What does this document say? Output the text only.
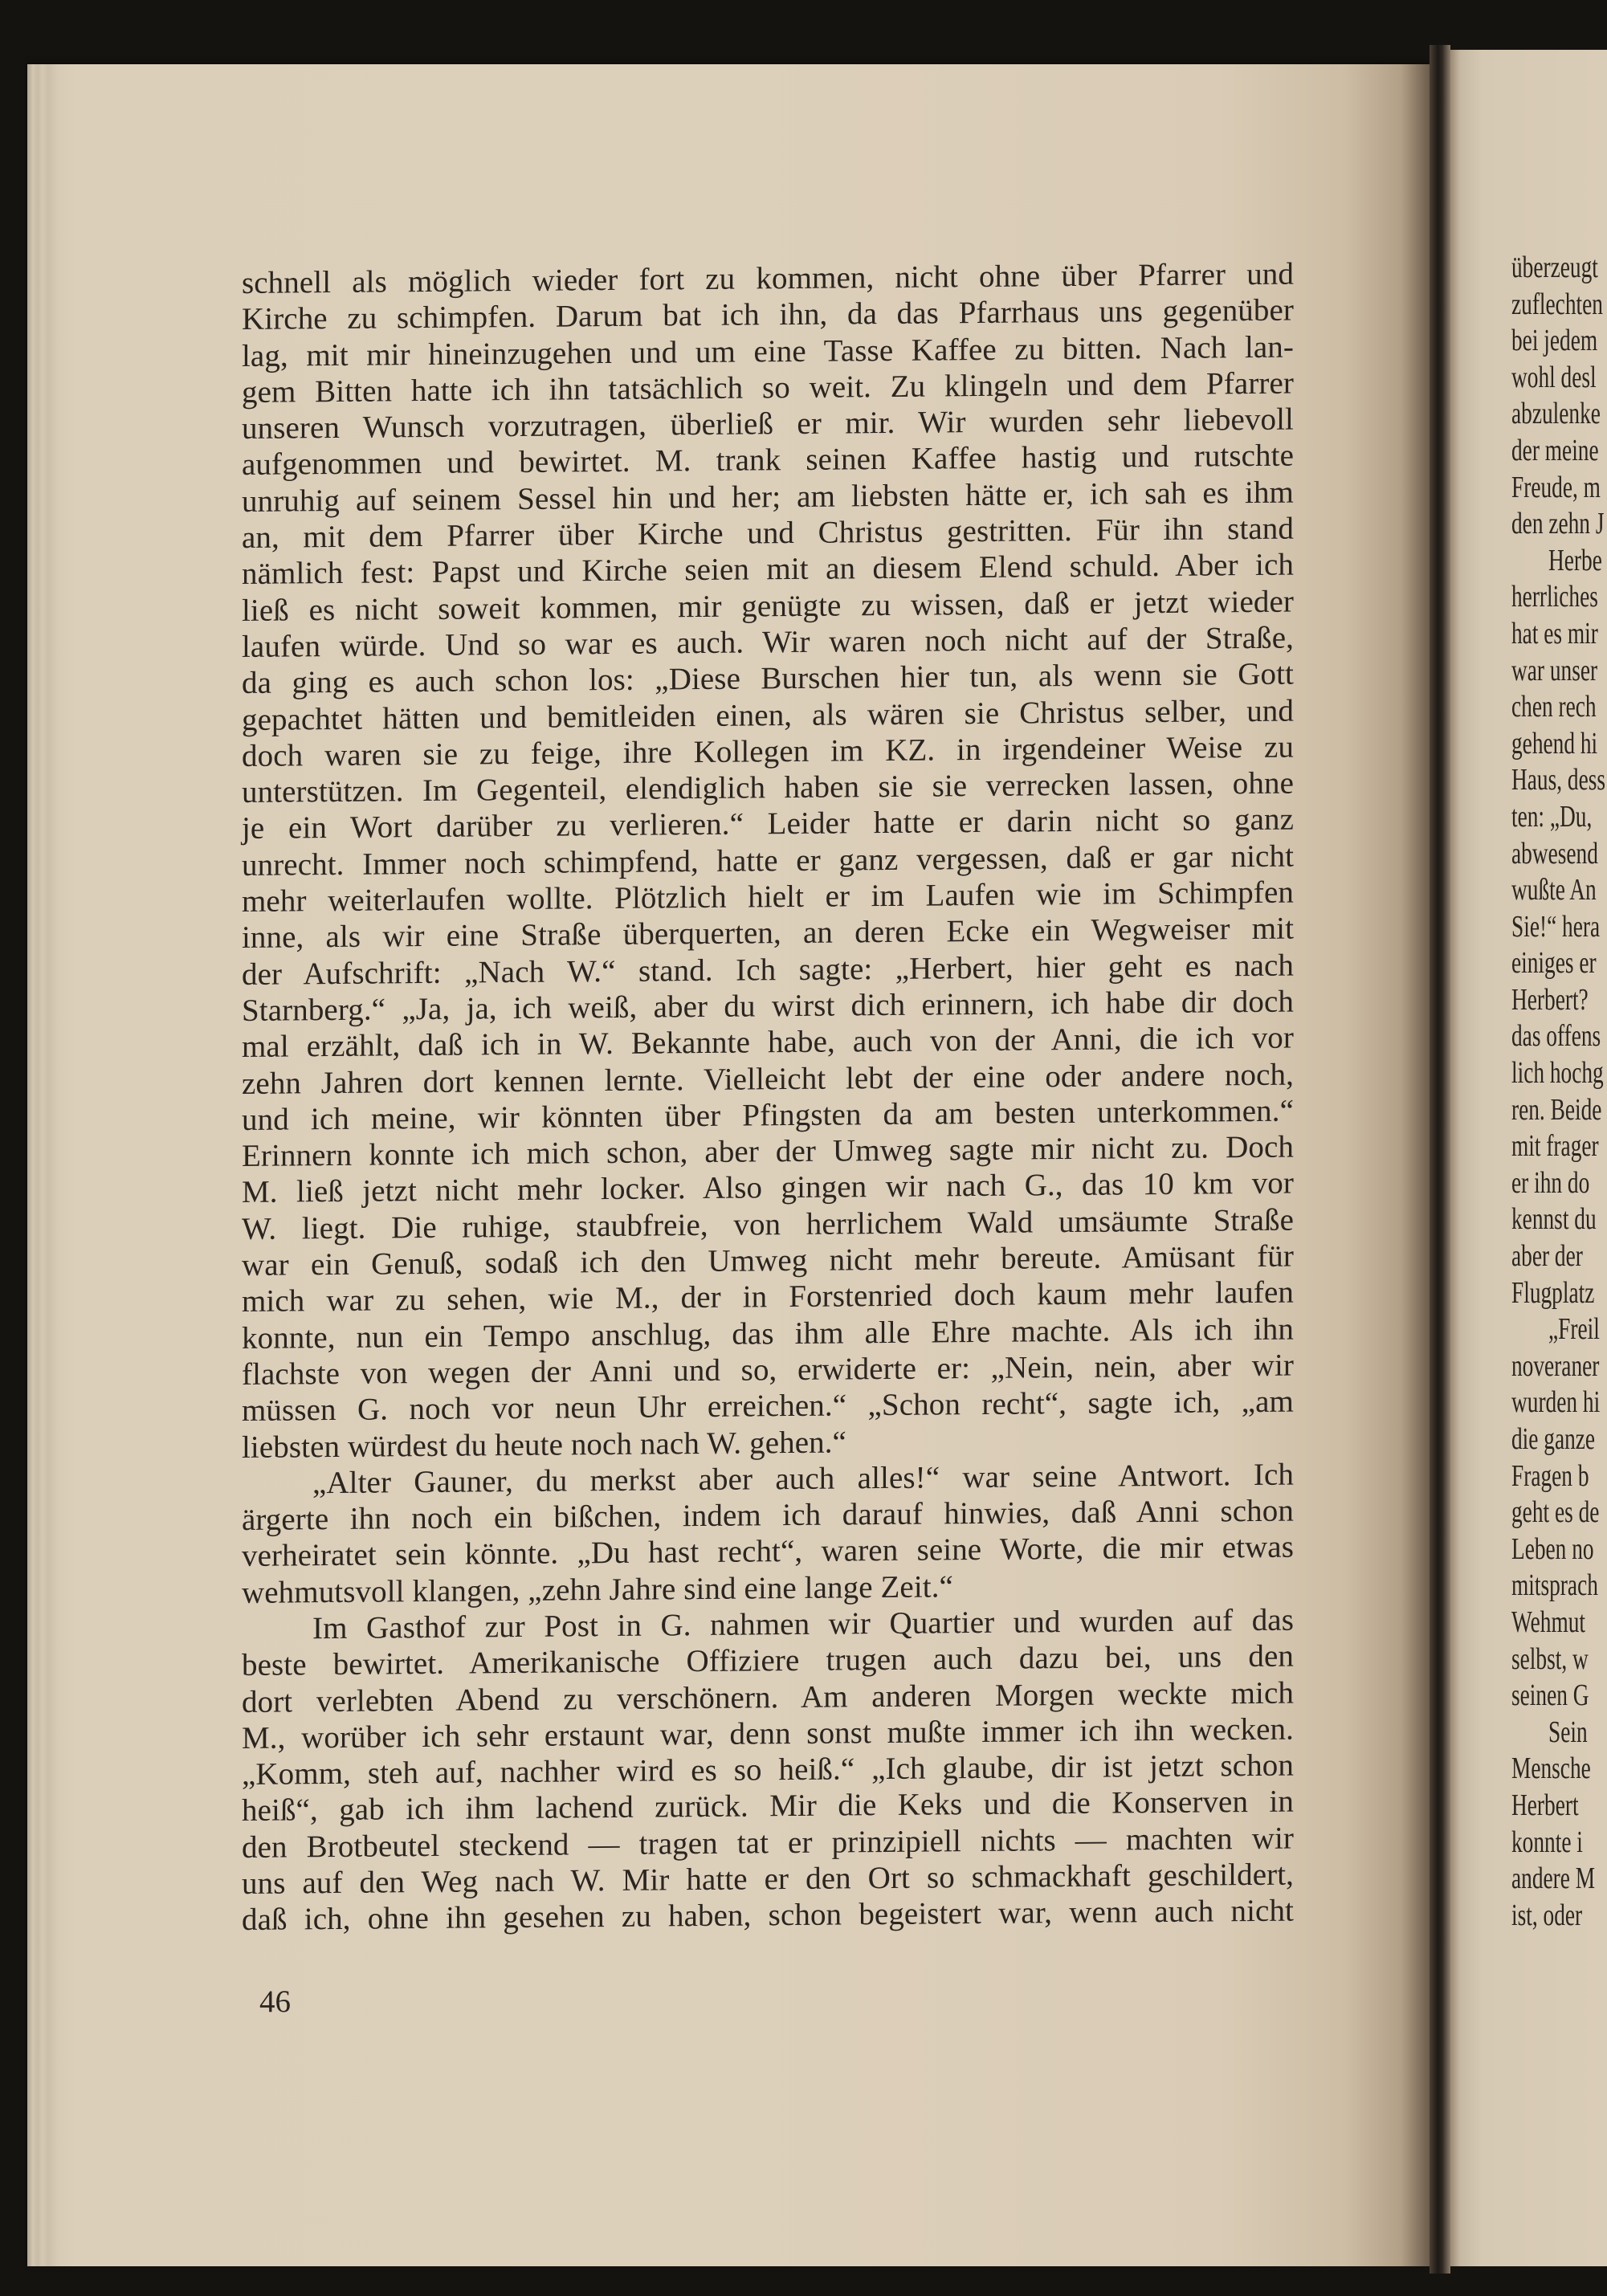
schnell als möglich wieder fort zu kommen, nicht ohne über Pfarrer und
Kirche zu schimpfen. Darum bat ich ihn, da das Pfarrhaus uns gegenüber
lag, mit mir hineinzugehen und um eine Tasse Kaffee zu bitten. Nach lan-
gem Bitten hatte ich ihn tatsächlich so weit. Zu klingeln und dem Pfarrer
unseren Wunsch vorzutragen, überließ er mir. Wir wurden sehr liebevoll
aufgenommen und bewirtet. M. trank seinen Kaffee hastig und rutschte
unruhig auf seinem Sessel hin und her; am liebsten hätte er, ich sah es ihm
an, mit dem Pfarrer über Kirche und Christus gestritten. Für ihn stand
nämlich fest: Papst und Kirche seien mit an diesem Elend schuld. Aber ich
ließ es nicht soweit kommen, mir genügte zu wissen, daß er jetzt wieder
laufen würde. Und so war es auch. Wir waren noch nicht auf der Straße,
da ging es auch schon los: „Diese Burschen hier tun, als wenn sie Gott
gepachtet hätten und bemitleiden einen, als wären sie Christus selber, und
doch waren sie zu feige, ihre Kollegen im KZ. in irgendeiner Weise zu
unterstützen. Im Gegenteil, elendiglich haben sie sie verrecken lassen, ohne
je ein Wort darüber zu verlieren.“ Leider hatte er darin nicht so ganz
unrecht. Immer noch schimpfend, hatte er ganz vergessen, daß er gar nicht
mehr weiterlaufen wollte. Plötzlich hielt er im Laufen wie im Schimpfen
inne, als wir eine Straße überquerten, an deren Ecke ein Wegweiser mit
der Aufschrift: „Nach W.“ stand. Ich sagte: „Herbert, hier geht es nach
Starnberg.“ „Ja, ja, ich weiß, aber du wirst dich erinnern, ich habe dir doch
mal erzählt, daß ich in W. Bekannte habe, auch von der Anni, die ich vor
zehn Jahren dort kennen lernte. Vielleicht lebt der eine oder andere noch,
und ich meine, wir könnten über Pfingsten da am besten unterkommen.“
Erinnern konnte ich mich schon, aber der Umweg sagte mir nicht zu. Doch
M. ließ jetzt nicht mehr locker. Also gingen wir nach G., das 10 km vor
W. liegt. Die ruhige, staubfreie, von herrlichem Wald umsäumte Straße
war ein Genuß, sodaß ich den Umweg nicht mehr bereute. Amüsant für
mich war zu sehen, wie M., der in Forstenried doch kaum mehr laufen
konnte, nun ein Tempo anschlug, das ihm alle Ehre machte. Als ich ihn
flachste von wegen der Anni und so, erwiderte er: „Nein, nein, aber wir
müssen G. noch vor neun Uhr erreichen.“ „Schon recht“, sagte ich, „am
liebsten würdest du heute noch nach W. gehen.“
„Alter Gauner, du merkst aber auch alles!“ war seine Antwort. Ich
ärgerte ihn noch ein bißchen, indem ich darauf hinwies, daß Anni schon
verheiratet sein könnte. „Du hast recht“, waren seine Worte, die mir etwas
wehmutsvoll klangen, „zehn Jahre sind eine lange Zeit.“
Im Gasthof zur Post in G. nahmen wir Quartier und wurden auf das
beste bewirtet. Amerikanische Offiziere trugen auch dazu bei, uns den
dort verlebten Abend zu verschönern. Am anderen Morgen weckte mich
M., worüber ich sehr erstaunt war, denn sonst mußte immer ich ihn wecken.
„Komm, steh auf, nachher wird es so heiß.“ „Ich glaube, dir ist jetzt schon
heiß“, gab ich ihm lachend zurück. Mir die Keks und die Konserven in
den Brotbeutel steckend — tragen tat er prinzipiell nichts — machten wir
uns auf den Weg nach W. Mir hatte er den Ort so schmackhaft geschildert,
daß ich, ohne ihn gesehen zu haben, schon begeistert war, wenn auch nicht
46
überzeugt
zuflechten
bei jedem
wohl desl
abzulenke
der meine
Freude, m
den zehn J
Herbe
herrliches
hat es mir
war unser
chen rech
gehend hi
Haus, dess
ten: „Du,
abwesend
wußte An
Sie!“ hera
einiges er
Herbert?
das offens
lich hochg
ren. Beide
mit frager
er ihn do
kennst du
aber der
Flugplatz
„Freil
noveraner
wurden hi
die ganze
Fragen b
geht es de
Leben no
mitsprach
Wehmut
selbst, w
seinen G
Sein
Mensche
Herbert
konnte i
andere M
ist, oder
